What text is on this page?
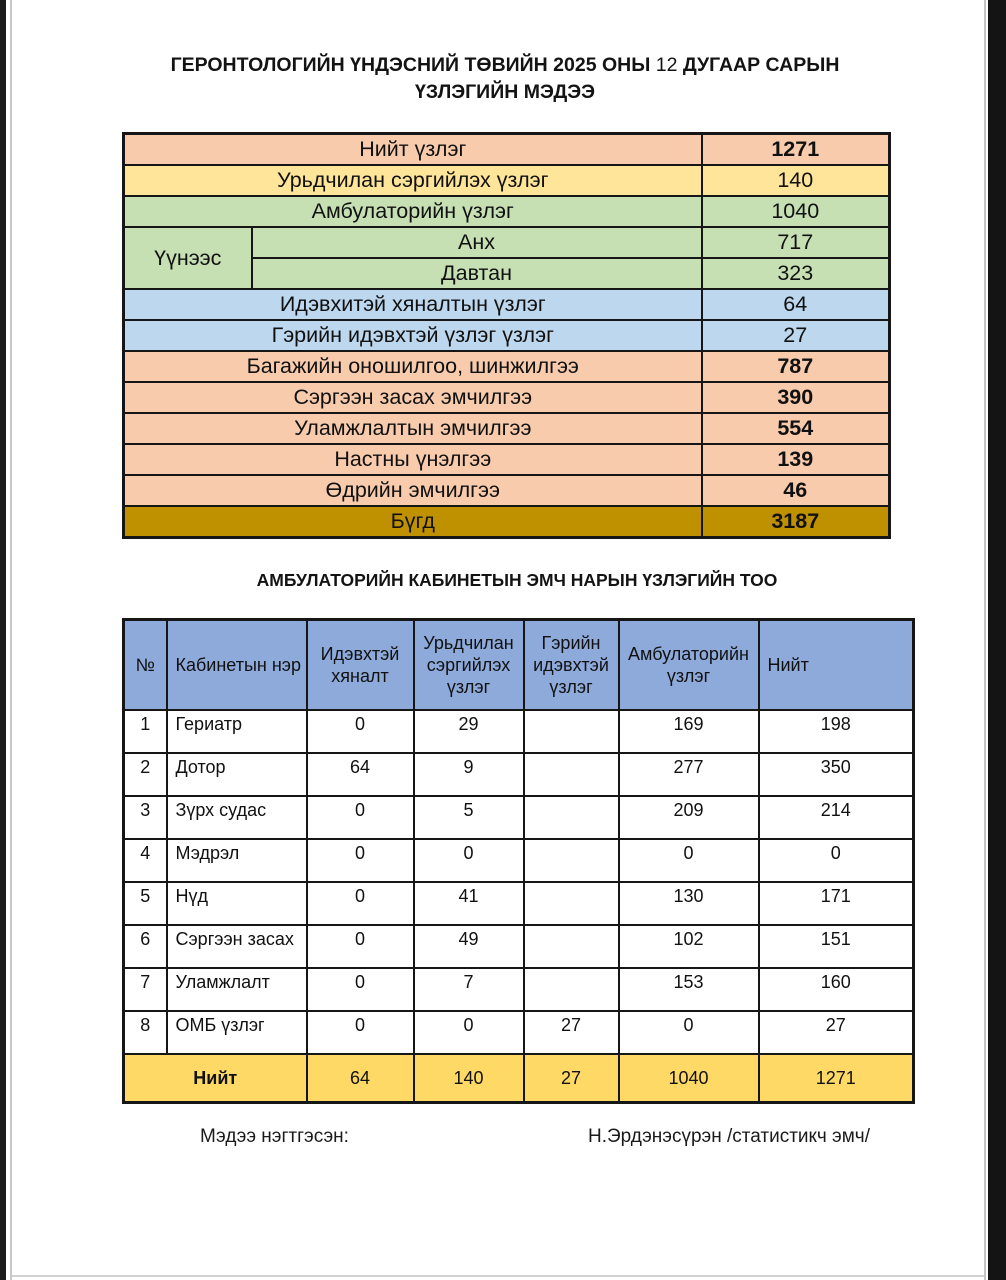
ГЕРОНТОЛОГИЙН ҮНДЭСНИЙ ТӨВИЙН 2025 ОНЫ 12 ДУГААР САРЫН
ҮЗЛЭГИЙН МЭДЭЭ
Нийт үзлэг		1271
Урьдчилан сэргийлэх үзлэг		140
Амбулаторийн үзлэг		1040
Үүнээс	Анх	717
	Давтан	323
Идэвхитэй хяналтын үзлэг		64
Гэрийн идэвхтэй үзлэг үзлэг		27
Багажийн оношилгоо, шинжилгээ		787
Сэргээн засах эмчилгээ		390
Уламжлалтын эмчилгээ		554
Настны үнэлгээ		139
Өдрийн эмчилгээ		46
Бүгд		3187
АМБУЛАТОРИЙН КАБИНЕТЫН ЭМЧ НАРЫН ҮЗЛЭГИЙН ТОО
№	Кабинетын нэр	Идэвхтэй хяналт	Урьдчилан сэргийлэх үзлэг	Гэрийн идэвхтэй үзлэг	Амбулаторийн үзлэг	Нийт
1	Гериатр	0	29		169	198
2	Дотор	64	9		277	350
3	Зүрх судас	0	5		209	214
4	Мэдрэл	0	0		0	0
5	Нүд	0	41		130	171
6	Сэргээн засах	0	49		102	151
7	Уламжлалт	0	7		153	160
8	ОМБ үзлэг	0	0	27	0	27
Нийт		64	140	27	1040	1271
Мэдээ нэгтгэсэн:	Н.Эрдэнэсүрэн /статистикч эмч/
